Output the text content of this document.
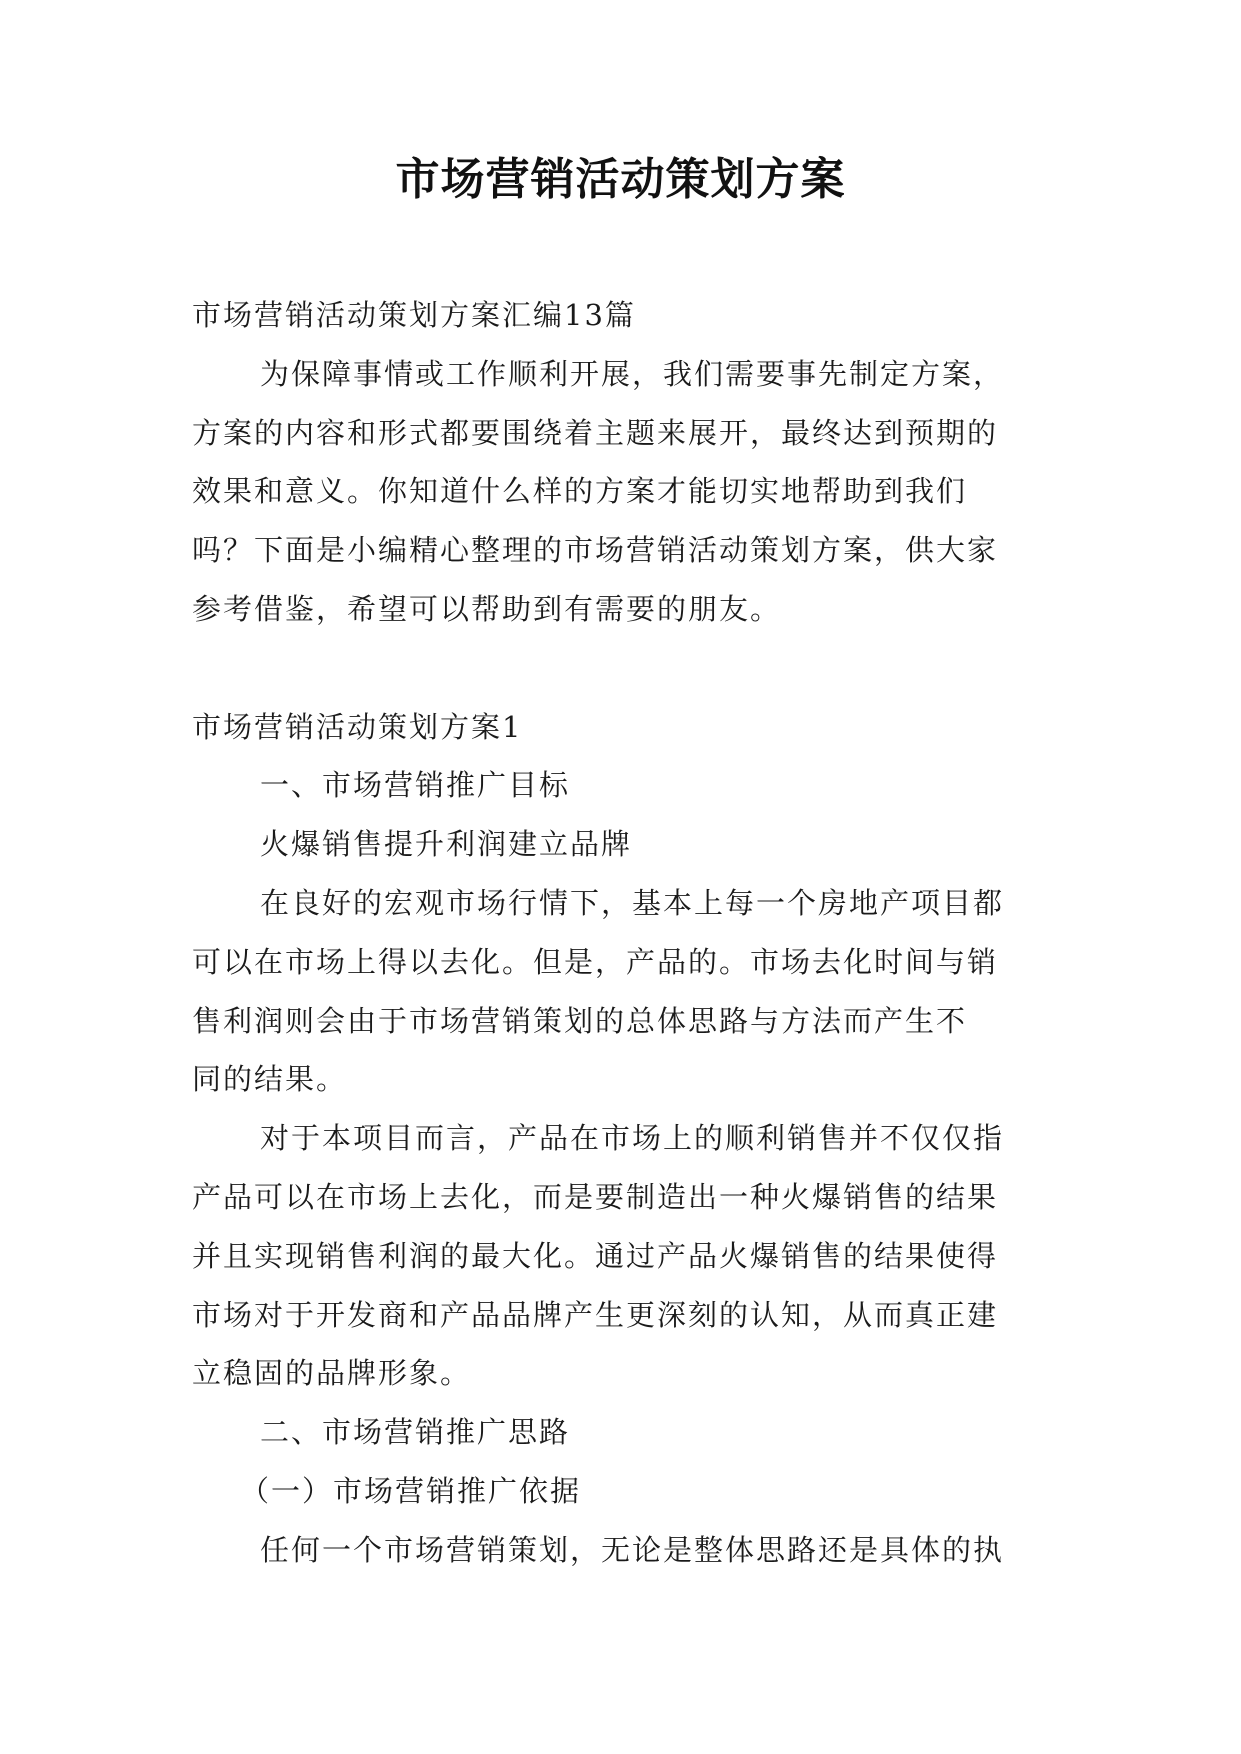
市场营销活动策划方案
市场营销活动策划方案汇编13篇
为保障事情或工作顺利开展，我们需要事先制定方案，
方案的内容和形式都要围绕着主题来展开，最终达到预期的
效果和意义。你知道什么样的方案才能切实地帮助到我们
吗？下面是小编精心整理的市场营销活动策划方案，供大家
参考借鉴，希望可以帮助到有需要的朋友。
市场营销活动策划方案1
一、市场营销推广目标
火爆销售提升利润建立品牌
在良好的宏观市场行情下，基本上每一个房地产项目都
可以在市场上得以去化。但是，产品的。市场去化时间与销
售利润则会由于市场营销策划的总体思路与方法而产生不
同的结果。
对于本项目而言，产品在市场上的顺利销售并不仅仅指
产品可以在市场上去化，而是要制造出一种火爆销售的结果
并且实现销售利润的最大化。通过产品火爆销售的结果使得
市场对于开发商和产品品牌产生更深刻的认知，从而真正建
立稳固的品牌形象。
二、市场营销推广思路
（一）市场营销推广依据
任何一个市场营销策划，无论是整体思路还是具体的执
